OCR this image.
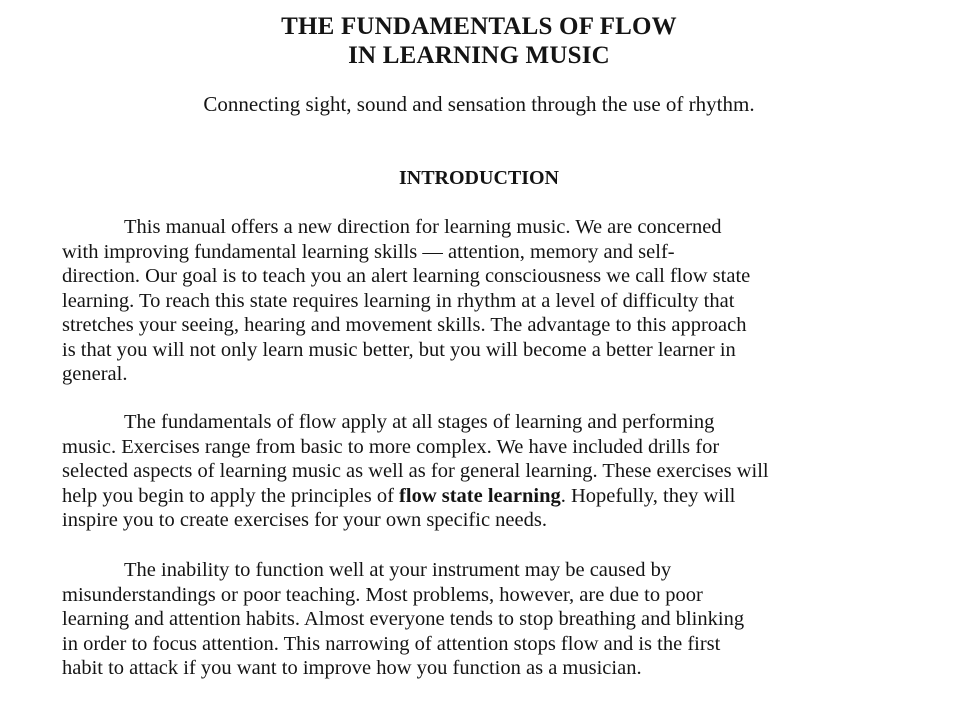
THE FUNDAMENTALS OF FLOW
IN LEARNING MUSIC
Connecting sight, sound and sensation through the use of rhythm.
INTRODUCTION
This manual offers a new direction for learning music. We are concerned
with improving fundamental learning skills — attention, memory and self-
direction. Our goal is to teach you an alert learning consciousness we call flow state
learning. To reach this state requires learning in rhythm at a level of difficulty that
stretches your seeing, hearing and movement skills. The advantage to this approach
is that you will not only learn music better, but you will become a better learner in
general.
The fundamentals of flow apply at all stages of learning and performing
music. Exercises range from basic to more complex. We have included drills for
selected aspects of learning music as well as for general learning. These exercises will
help you begin to apply the principles of flow state learning. Hopefully, they will
inspire you to create exercises for your own specific needs.
The inability to function well at your instrument may be caused by
misunderstandings or poor teaching. Most problems, however, are due to poor
learning and attention habits. Almost everyone tends to stop breathing and blinking
in order to focus attention. This narrowing of attention stops flow and is the first
habit to attack if you want to improve how you function as a musician.
